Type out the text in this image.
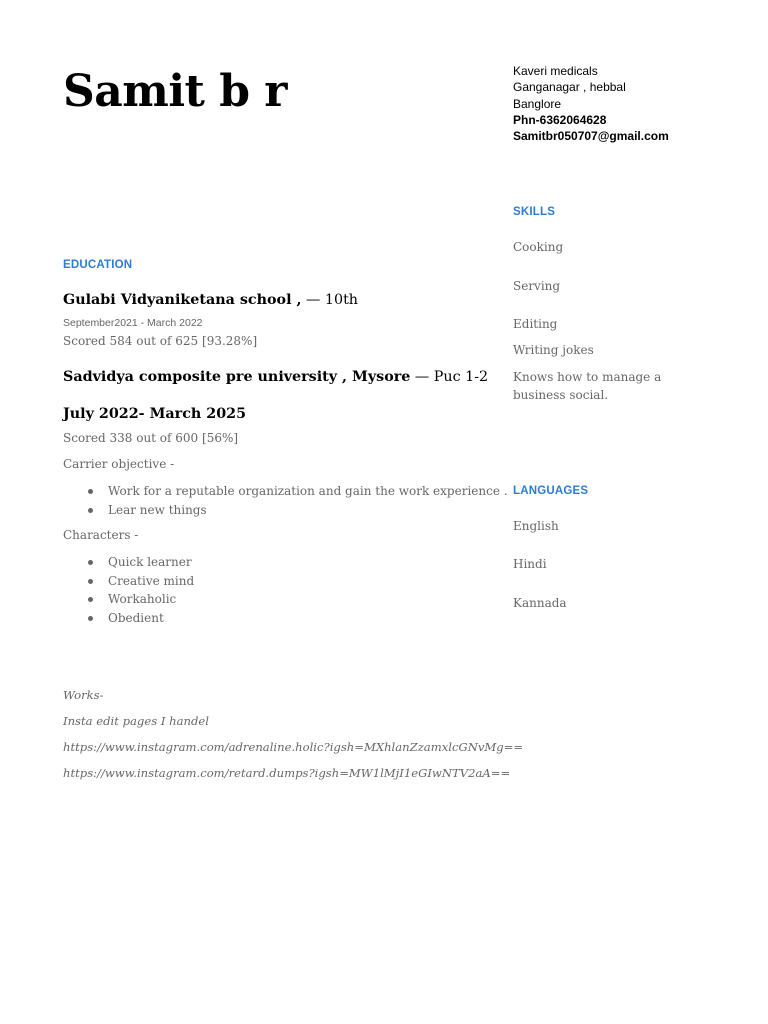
Samit b r	Kaveri medicals
Ganganagar , hebbal
Banglore
Phn-6362064628
Samitbr050707@gmail.com
EDUCATION
Gulabi Vidyaniketana school , — 10th
September2021 - March 2022
Scored 584 out of 625 [93.28%]
Sadvidya composite pre university , Mysore — Puc 1-2
July 2022- March 2025
Scored 338 out of 600 [56%]
Carrier objective -
Work for a reputable organization and gain the work experience .
Lear new things
Characters -
Quick learner
Creative mind
Workaholic
Obedient
Works-
Insta edit pages I handel
https://www.instagram.com/adrenaline.holic?igsh=MXhlanZzamxlcGNvMg==
https://www.instagram.com/retard.dumps?igsh=MW1lMjI1eGIwNTV2aA==
SKILLS
Cooking
Serving
Editing
Writing jokes
Knows how to manage a business social.
LANGUAGES
English
Hindi
Kannada
